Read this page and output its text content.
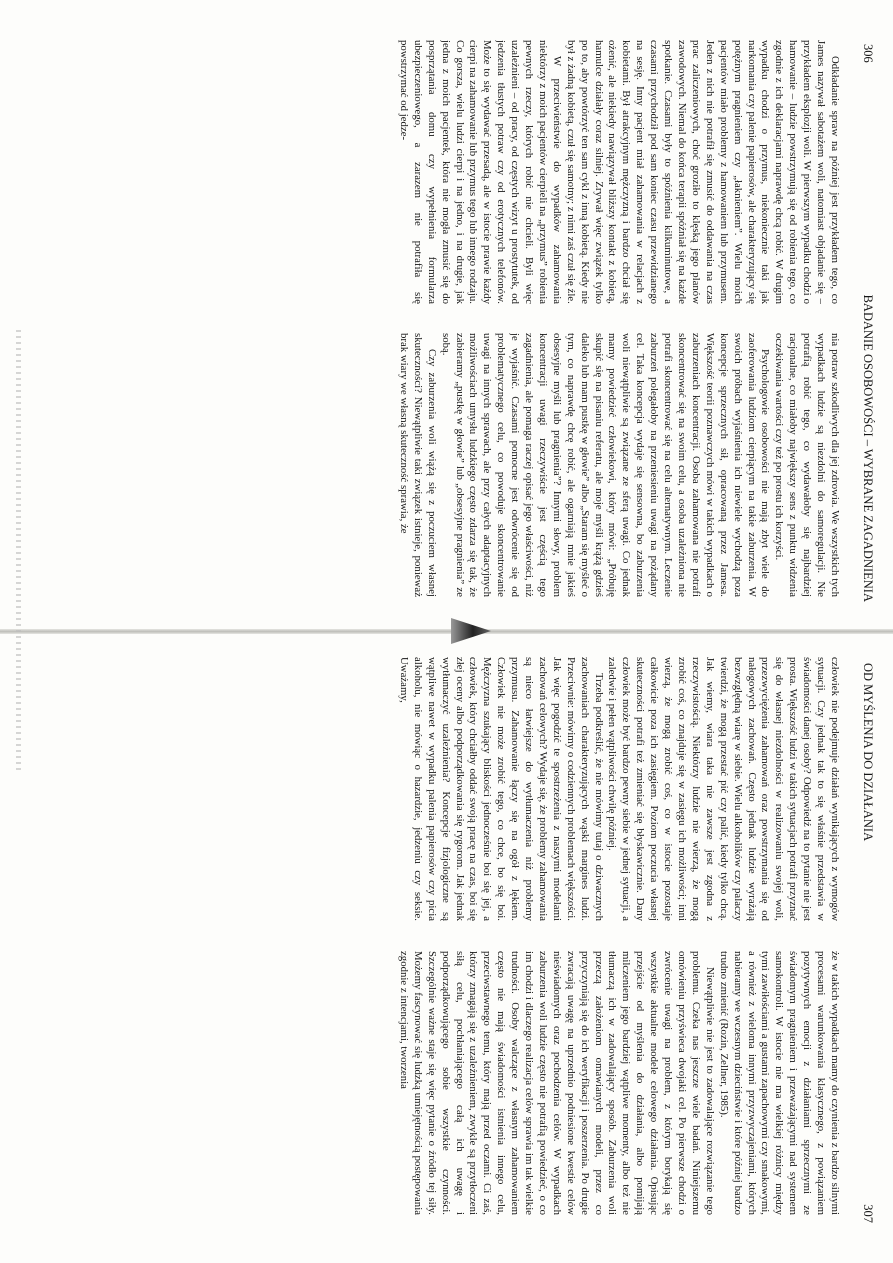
306
BADANIE OSOBOWOŚCI – WYBRANE ZAGADNIENIA

Odkładanie spraw na później jest przykładem tego, co James nazywał sabotażem woli, natomiast objadanie się – przykładem eksplozji woli. W pierwszym wypadku chodzi o hamowanie – ludzie powstrzymują się od robienia tego, co zgodnie z ich deklaracjami naprawdę chcą robić. W drugim wypadku chodzi o przymus, niekoniecznie taki jak narkomania czy palenie papierosów, ale charakteryzujący się potężnym pragnieniem czy „łaknieniem”. Wielu moich pacjentów miało problemy z hamowaniem lub przymusem. Jeden z nich nie potrafił się zmusić do oddawania na czas prac zaliczeniowych, choć groziło to klęską jego planów zawodowych. Niemal do końca terapii spóźniał się na każde spotkanie. Czasami były to spóźnienia kilkuminutowe, a czasami przychodził pod sam koniec czasu przewidzianego na sesję. Inny pacjent miał zahamowania w relacjach z kobietami. Był atrakcyjnym mężczyzną i bardzo chciał się ożenić, ale niekiedy nawiązywał bliższy kontakt z kobietą, hamulce działały coraz silniej. Zrywał więc związek tylko po to, aby powtórzyć ten sam cykl z inną kobietą. Kiedy nie był z żadną kobietą, czuł się samotny; z nimi zaś czuł się źle.

W przeciwieństwie do wypadków zahamowania niektórzy z moich pacjentów cierpieli na „przymus” robienia pewnych rzeczy, których robić nie chcieli. Byli więc uzależnieni – od pracy, od częstych wizyt u prostytutek, od jedzenia tłustych potraw czy od erotycznych telefonów. Może to się wydawać przesadą, ale w istocie prawie każdy cierpi na zahamowanie lub przymus tego lub innego rodzaju. Co gorsza, wielu ludzi cierpi i na jedno, i na drugie, jak jedna z moich pacjentek, która nie mogła zmusić się do posprzątania domu czy wypełnienia formularza ubezpieczeniowego, a zarazem nie potrafiła się powstrzymać od jedze-

nia potraw szkodliwych dla jej zdrowia. We wszystkich tych wypadkach ludzie są niezdolni do samoregulacji. Nie potrafią robić tego, co wydawałoby się najbardziej racjonalne, co miałoby największy sens z punktu widzenia oczekiwania wartości czy też po prostu ich korzyści.

Psychologowie osobowości nie mają zbyt wiele do zaoferowania ludziom cierpiącym na takie zaburzenia. W swoich próbach wyjaśnienia ich niewiele wychodzą poza koncepcje sprzecznych sił, opracowaną przez Jamesa. Większość teorii poznawczych mówi w takich wypadkach o zaburzeniach koncentracji. Osoba zahamowana nie potrafi skoncentrować się na swoim celu, a osoba uzależniona nie potrafi skoncentrować się na celu alternatywnym. Leczenie zaburzeń polegałoby na przeniesieniu uwagi na pożądany cel. Taka koncepcja wydaje się sensowna, bo zaburzenia woli niewątpliwie są związane ze sferą uwagi. Co jednak mamy powiedzieć człowiekowi, który mówi: „Próbuję skupić się na pisaniu referatu, ale moje myśli krążą gdzieś daleko lub mam pustkę w głowie” albo „Staram się myśleć o tym, co naprawdę chcę robić, ale ogarniają mnie jakieś obsesyjne myśli lub pragnienia”? Innymi słowy, problem koncentracji uwagi rzeczywiście jest częścią tego zagadnienia, ale pomaga raczej opisać jego właściwości, niż je wyjaśnić. Czasami pomocne jest odwrócenie się od problematycznego celu, co powoduje skoncentrowanie uwagi na innych sprawach, ale przy całych adaptacyjnych możliwościach umysłu ludzkiego często zdarza się tak, że zabieramy „pustkę w głowie” lub „obsesyjne pragnienia” ze sobą.

Czy zaburzenia woli wiążą się z poczuciem własnej skuteczności? Niewątpliwie taki związek istnieje, ponieważ brak wiary we własną skuteczność sprawia, że

OD MYŚLENIA DO DZIAŁANIA
307

człowiek nie podejmuje działań wynikających z wymogów sytuacji. Czy jednak tak to się właśnie przedstawia w świadomości danej osoby? Odpowiedź na to pytanie nie jest prosta. Większość ludzi w takich sytuacjach potrafi przyznać się do własnej niezdolności w realizowaniu swojej woli, przezwyciężenia zahamowań oraz powstrzymania się od nałogowych zachowań. Często jednak ludzie wyrażają bezwzględną wiarę w siebie. Wielu alkoholików czy palaczy twierdzi, że mogą przestać pić czy palić, kiedy tylko chcą. Jak wiemy, wiara taka nie zawsze jest zgodna z rzeczywistością. Niektórzy ludzie nie wierzą, że mogą zrobić coś, co znajduje się w zasięgu ich możliwości; inni wierzą, że mogą zrobić coś, co w istocie pozostaje całkowicie poza ich zasięgiem. Poziom poczucia własnej skuteczności potrafi też zmieniać się błyskawicznie. Dany człowiek może być bardzo pewny siebie w jednej sytuacji, a zaledwie i pełen wątpliwości chwilę później.

Trzeba podkreślić, że nie mówimy tutaj o dziwacznych zachowaniach charakteryzujących wąski margines ludzi. Przeciwnie: mówimy o codziennych problemach większości. Jak więc pogodzić te spostrzeżenia z naszymi modelami zachowań celowych? Wydaje się, że problemy zahamowania są nieco łatwiejsze do wytłumaczenia niż problemy przymusu. Zahamowanie łączy się na ogół z lękiem. Człowiek nie może zrobić tego, co chce, bo się boi. Mężczyzna szukający bliskości jednocześnie boi się jej, a człowiek, który chciałby oddać swoją pracę na czas, boi się złej oceny albo podporządkowania się rygorom. Jak jednak wytłumaczyć uzależnienia? Koncepcje fizjologiczne są wątpliwe nawet w wypadku palenia papierosów czy picia alkoholu, nie mówiąc o hazardzie, jedzeniu czy seksie. Uważamy,

że w takich wypadkach mamy do czynienia z bardzo silnymi procesami warunkowania klasycznego, z powiązaniem pozytywnych emocji z działaniami sprzecznymi ze świadomym pragnieniem i przeważającymi nad systemem samokontroli. W istocie nie ma wielkiej różnicy między tymi zawiłościami a gustami zapachowymi czy smakowymi, a również z wieloma innymi przyzwyczajeniami, których nabieramy we wczesnym dzieciństwie i które później bardzo trudno zmienić (Rozin, Zellner, 1985).

Niewątpliwie nie jest to zadowalające rozwiązanie tego problemu. Czeka nas jeszcze wiele badań. Niniejszemu omówieniu przyświeca dwojaki cel. Po pierwsze chodzi o zwrócenie uwagi na problem, z którym borykają się wszystkie aktualne modele celowego działania. Opisując przejście od myślenia do działania, albo pomijają milczeniem jego bardziej wątpliwe momenty, albo też nie tłumaczą ich w zadowalający sposób. Zaburzenia woli przeczą założeniom omawianych modeli, przez co przyczyniają się do ich weryfikacji i poszerzenia. Po drugie zwracają uwagę na uprzednio podniesione kwestie celów nieświadomych oraz pochodzenia celów. W wypadkach zaburzenia woli ludzie często nie potrafią powiedzieć, o co im chodzi i dlaczego realizacja celów sprawia im tak wielkie trudności. Osoby walczące z własnym zahamowaniem często nie mają świadomości istnienia innego celu, przeciwstawnego temu, który mają przed oczami. Ci zaś, którzy zmagają się z uzależnieniem, zwykle są przytłoczeni siłą celu, pochłaniającego całą ich uwagę i podporządkowującego sobie wszystkie czynności. Szczególnie ważne staje się więc pytanie o źródło tej siły. Możemy fascynować się ludzką umiejętnością postępowania zgodnie z intencjami, tworzenia
